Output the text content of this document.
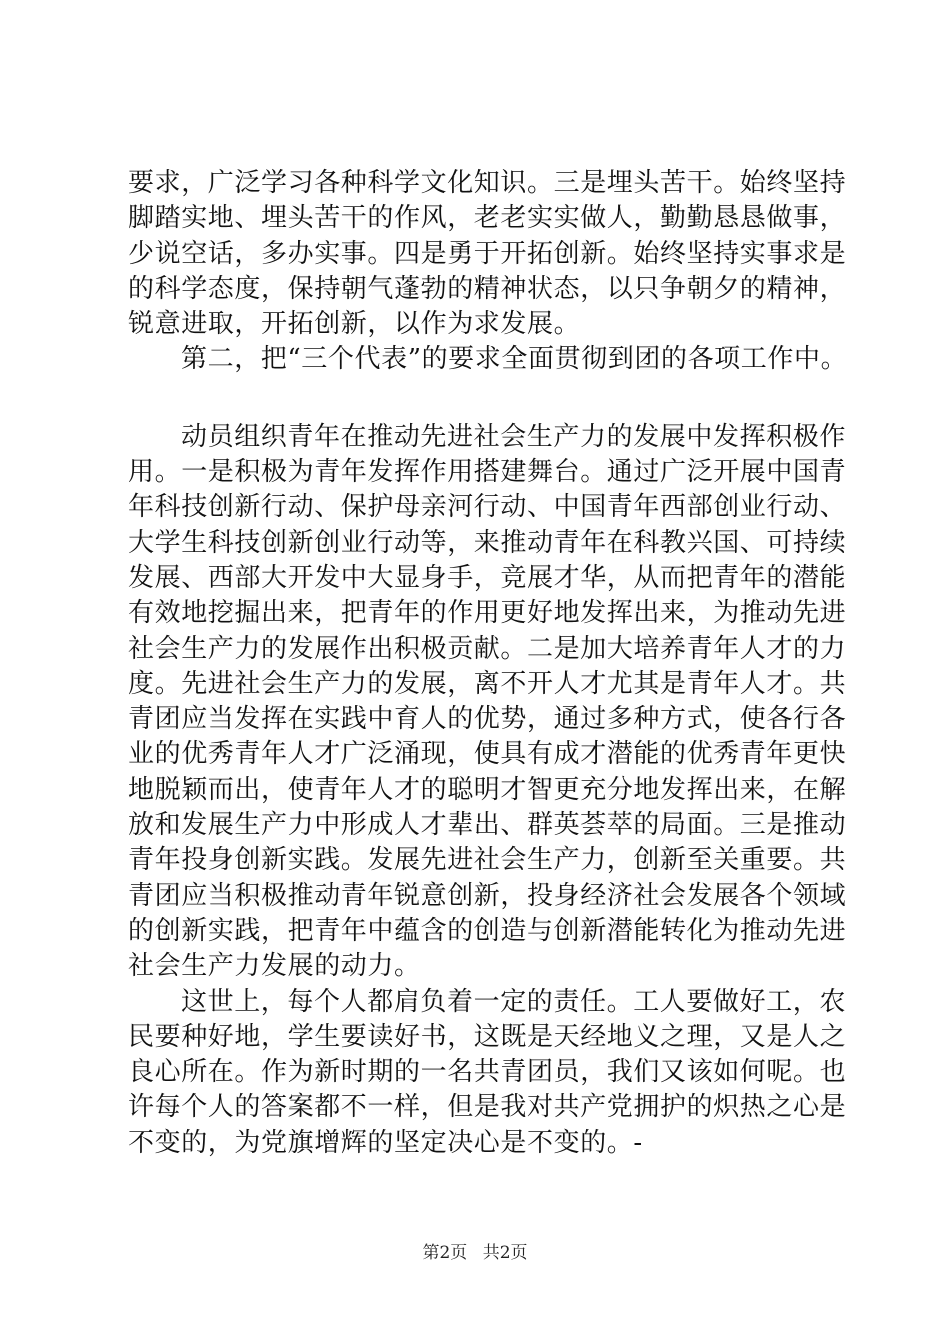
要求，广泛学习各种科学文化知识。三是埋头苦干。始终坚持
脚踏实地、埋头苦干的作风，老老实实做人，勤勤恳恳做事，
少说空话，多办实事。四是勇于开拓创新。始终坚持实事求是
的科学态度，保持朝气蓬勃的精神状态，以只争朝夕的精神，
锐意进取，开拓创新，以作为求发展。
第二，把“三个代表”的要求全面贯彻到团的各项工作中。
动员组织青年在推动先进社会生产力的发展中发挥积极作
用。一是积极为青年发挥作用搭建舞台。通过广泛开展中国青
年科技创新行动、保护母亲河行动、中国青年西部创业行动、
大学生科技创新创业行动等，来推动青年在科教兴国、可持续
发展、西部大开发中大显身手，竞展才华，从而把青年的潜能
有效地挖掘出来，把青年的作用更好地发挥出来，为推动先进
社会生产力的发展作出积极贡献。二是加大培养青年人才的力
度。先进社会生产力的发展，离不开人才尤其是青年人才。共
青团应当发挥在实践中育人的优势，通过多种方式，使各行各
业的优秀青年人才广泛涌现，使具有成才潜能的优秀青年更快
地脱颖而出，使青年人才的聪明才智更充分地发挥出来，在解
放和发展生产力中形成人才辈出、群英荟萃的局面。三是推动
青年投身创新实践。发展先进社会生产力，创新至关重要。共
青团应当积极推动青年锐意创新，投身经济社会发展各个领域
的创新实践，把青年中蕴含的创造与创新潜能转化为推动先进
社会生产力发展的动力。
这世上，每个人都肩负着一定的责任。工人要做好工，农
民要种好地，学生要读好书，这既是天经地义之理，又是人之
良心所在。作为新时期的一名共青团员，我们又该如何呢。也
许每个人的答案都不一样，但是我对共产党拥护的炽热之心是
不变的，为党旗增辉的坚定决心是不变的。-
第2页 共2页
